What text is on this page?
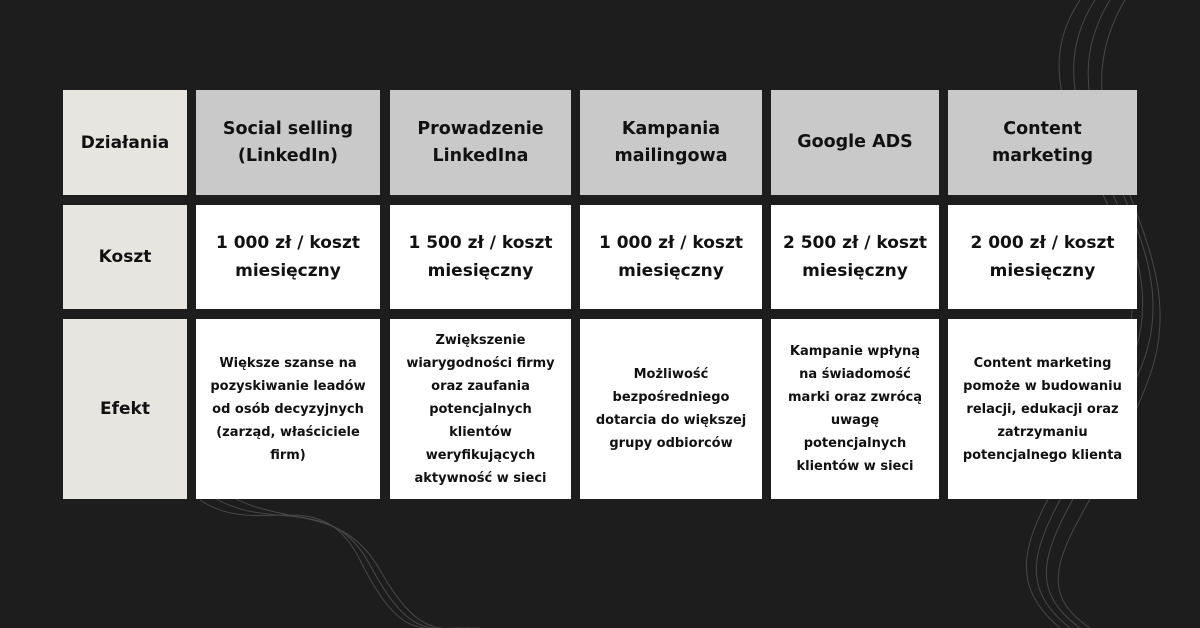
Działania
Koszt
Efekt
Social selling (LinkedIn)
Prowadzenie LinkedIna
Kampania mailingowa
Google ADS
Content marketing
1 000 zł / koszt miesięczny
1 500 zł / koszt miesięczny
1 000 zł / koszt miesięczny
2 500 zł / koszt miesięczny
2 000 zł / koszt miesięczny
Większe szanse na pozyskiwanie leadów od osób decyzyjnych (zarząd, właściciele firm)
Zwiększenie wiarygodności firmy oraz zaufania potencjalnych klientów weryfikujących aktywność w sieci
Możliwość bezpośredniego dotarcia do większej grupy odbiorców
Kampanie wpłyną na świadomość marki oraz zwrócą uwagę potencjalnych klientów w sieci
Content marketing pomoże w budowaniu relacji, edukacji oraz zatrzymaniu potencjalnego klienta
